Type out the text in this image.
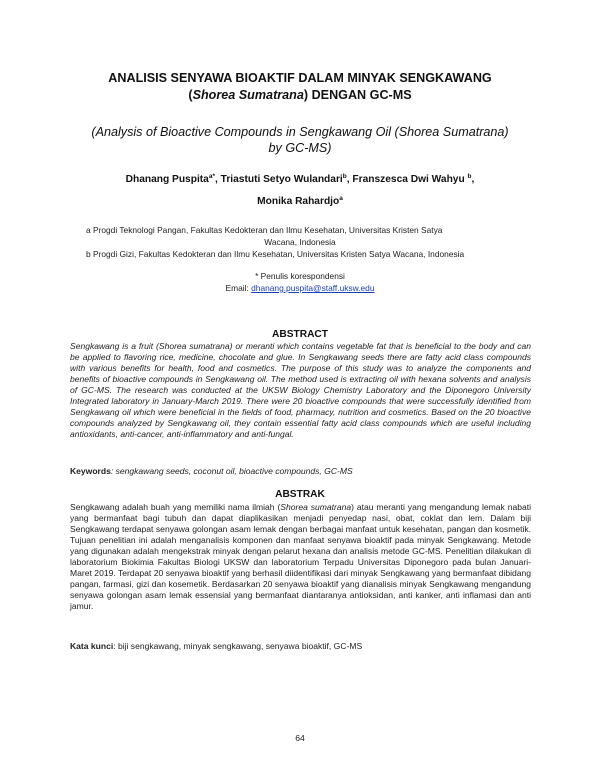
ANALISIS SENYAWA BIOAKTIF DALAM MINYAK SENGKAWANG
(Shorea Sumatrana) DENGAN GC-MS
(Analysis of Bioactive Compounds in Sengkawang Oil (Shorea Sumatrana)
by GC-MS)
Dhanang Puspita$^{a*}$, Triastuti Setyo Wulandari$^b$, Franszesca Dwi Wahyu $^b$,
Monika Rahardjo$^a$
a Progdi Teknologi Pangan, Fakultas Kedokteran dan Ilmu Kesehatan, Universitas Kristen Satya
Wacana, Indonesia
b Progdi Gizi, Fakultas Kedokteran dan Ilmu Kesehatan, Universitas Kristen Satya Wacana, Indonesia
* Penulis korespondensi
Email: dhanang.puspita@staff.uksw.edu
ABSTRACT
Sengkawang is a fruit (Shorea sumatrana) or meranti which contains vegetable fat that is beneficial to the body and can be applied to flavoring rice, medicine, chocolate and glue. In Sengkawang seeds there are fatty acid class compounds with various benefits for health, food and cosmetics. The purpose of this study was to analyze the components and benefits of bioactive compounds in Sengkawang oil. The method used is extracting oil with hexana solvents and analysis of GC-MS. The research was conducted at the UKSW Biology Chemistry Laboratory and the Diponegoro University Integrated laboratory in January-March 2019. There were 20 bioactive compounds that were successfully identified from Sengkawang oil which were beneficial in the fields of food, pharmacy, nutrition and cosmetics. Based on the 20 bioactive compounds analyzed by Sengkawang oil, they contain essential fatty acid class compounds which are useful including antioxidants, anti-cancer, anti-inflammatory and anti-fungal.
Keywords: sengkawang seeds, coconut oil, bioactive compounds, GC-MS
ABSTRAK
Sengkawang adalah buah yang memiliki nama ilmiah (Shorea sumatrana) atau meranti yang mengandung lemak nabati yang bermanfaat bagi tubuh dan dapat diaplikasikan menjadi penyedap nasi, obat, coklat dan lem. Dalam biji Sengkawang terdapat senyawa golongan asam lemak dengan berbagai manfaat untuk kesehatan, pangan dan kosmetik. Tujuan penelitian ini adalah menganalisis komponen dan manfaat senyawa bioaktif pada minyak Sengkawang. Metode yang digunakan adalah mengekstrak minyak dengan pelarut hexana dan analisis metode GC-MS. Penelitian dilakukan di laboratorium Biokimia Fakultas Biologi UKSW dan laboratorium Terpadu Universitas Diponegoro pada bulan Januari-Maret 2019. Terdapat 20 senyawa bioaktif yang berhasil diidentifikasi dari minyak Sengkawang yang bermanfaat dibidang pangan, farmasi, gizi dan kosemetik. Berdasarkan 20 senyawa bioaktif yang dianalisis minyak Sengkawang mengandung senyawa golongan asam lemak essensial yang bermanfaat diantaranya antioksidan, anti kanker, anti inflamasi dan anti jamur.
Kata kunci: biji sengkawang, minyak sengkawang, senyawa bioaktif, GC-MS
64
